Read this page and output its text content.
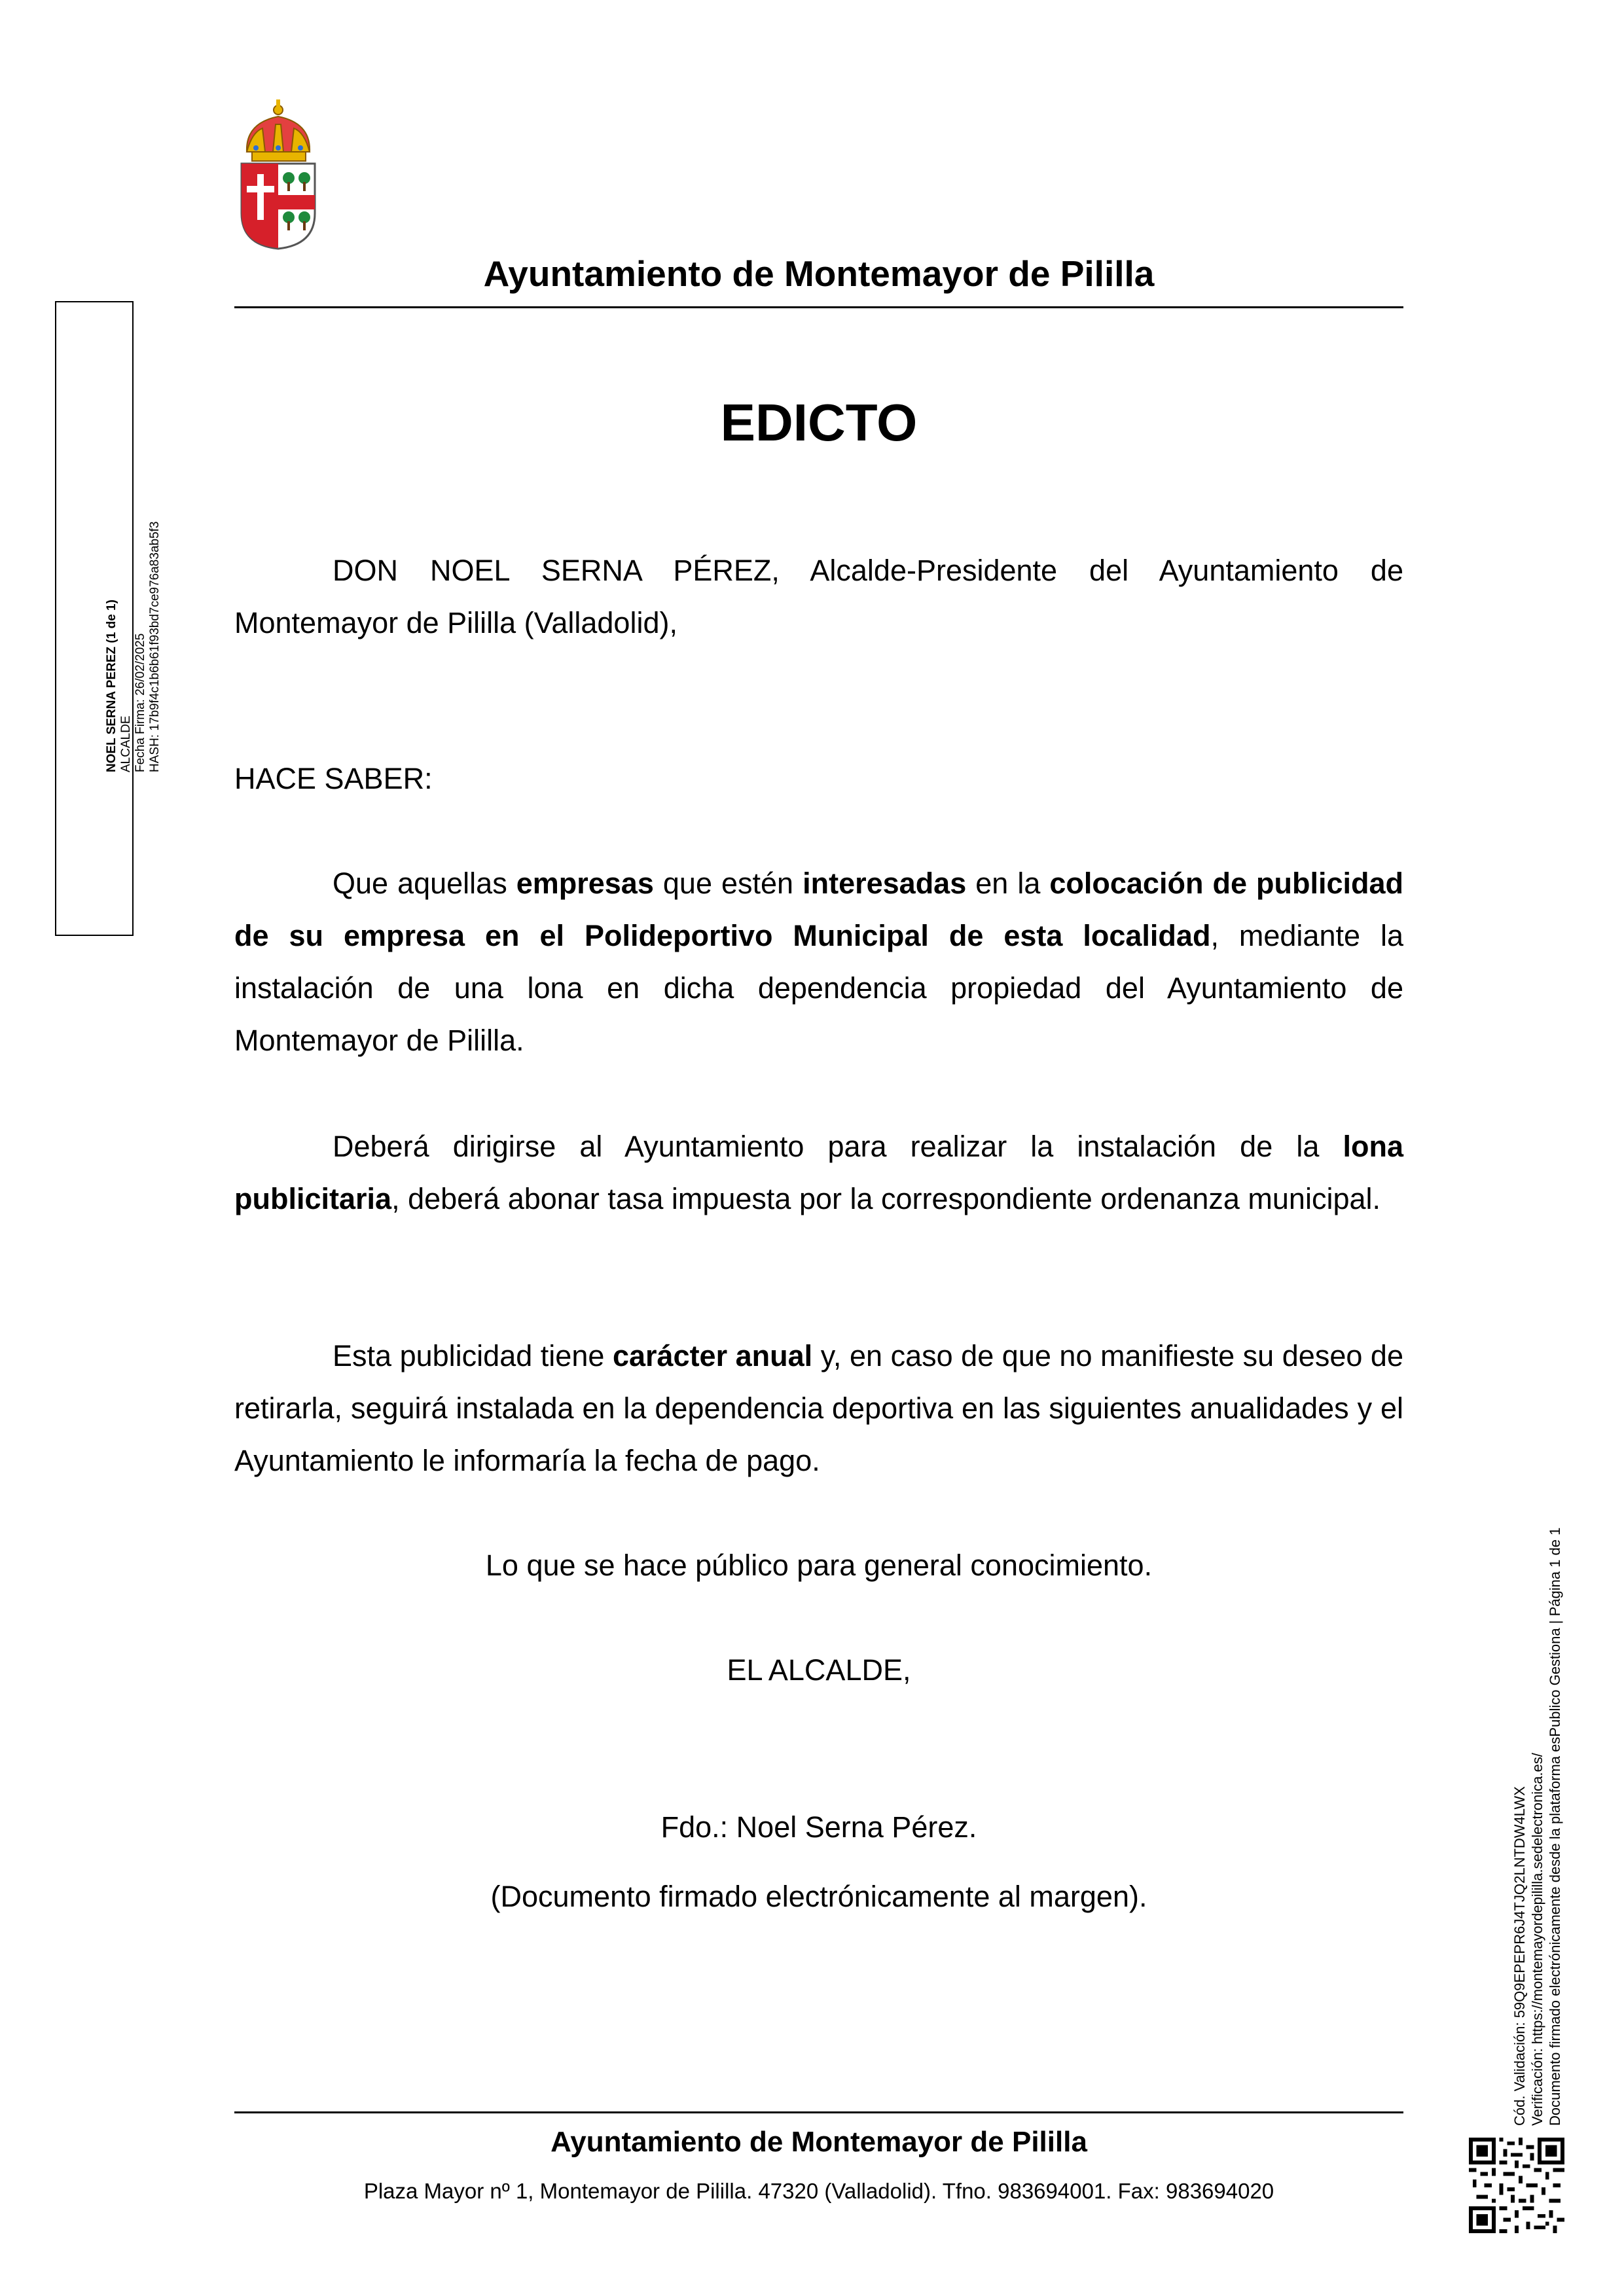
Ayuntamiento de Montemayor de Pililla
EDICTO

DON NOEL SERNA PÉREZ, Alcalde-Presidente del Ayuntamiento de Montemayor de Pililla (Valladolid),

HACE SABER:

Que aquellas empresas que estén interesadas en la colocación de publicidad de su empresa en el Polideportivo Municipal de esta localidad, mediante la instalación de una lona en dicha dependencia propiedad del Ayuntamiento de Montemayor de Pililla.

Deberá dirigirse al Ayuntamiento para realizar la instalación de la lona publicitaria, deberá abonar tasa impuesta por la correspondiente ordenanza municipal.

Esta publicidad tiene carácter anual y, en caso de que no manifieste su deseo de retirarla, seguirá instalada en la dependencia deportiva en las siguientes anualidades y el Ayuntamiento le informaría la fecha de pago.

Lo que se hace público para general conocimiento.
EL ALCALDE,
Fdo.: Noel Serna Pérez.
(Documento firmado electrónicamente al margen).
Ayuntamiento de Montemayor de Pililla
Plaza Mayor nº 1, Montemayor de Pililla. 47320 (Valladolid). Tfno. 983694001. Fax: 983694020
NOEL SERNA PEREZ (1 de 1) ALCALDE Fecha Firma: 26/02/2025 HASH: 17b9f4c1b6b61f93bd7ce976a83ab5f3
Cód. Validación: 59Q9EPEPR6J4TJQ2LNTDW4LWX Verificación: https://montemayordepililla.sedelectronica.es/ Documento firmado electrónicamente desde la plataforma esPublico Gestiona | Página 1 de 1
